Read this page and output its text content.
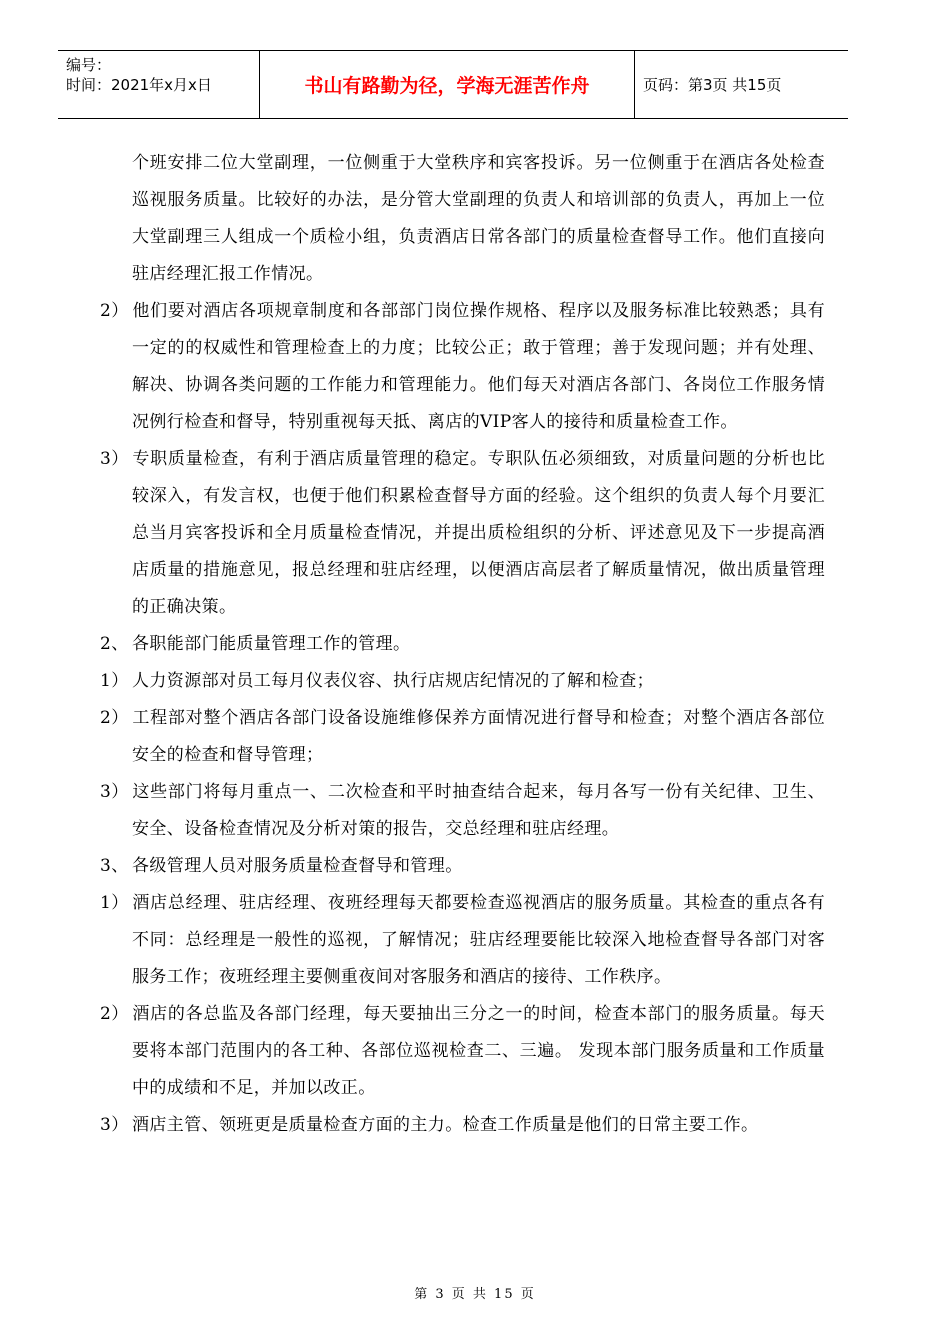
编号：
时间：2021年x月x日	书山有路勤为径，学海无涯苦作舟	页码：第3页 共15页

个班安排二位大堂副理，一位侧重于大堂秩序和宾客投诉。另一位侧重于在酒店各处检查巡视服务质量。比较好的办法，是分管大堂副理的负责人和培训部的负责人，再加上一位大堂副理三人组成一个质检小组，负责酒店日常各部门的质量检查督导工作。他们直接向驻店经理汇报工作情况。

2） 他们要对酒店各项规章制度和各部部门岗位操作规格、程序以及服务标准比较熟悉；具有一定的的权威性和管理检查上的力度；比较公正；敢于管理；善于发现问题；并有处理、解决、协调各类问题的工作能力和管理能力。他们每天对酒店各部门、各岗位工作服务情况例行检查和督导，特别重视每天抵、离店的VIP客人的接待和质量检查工作。

3） 专职质量检查，有利于酒店质量管理的稳定。专职队伍必须细致，对质量问题的分析也比较深入，有发言权，也便于他们积累检查督导方面的经验。这个组织的负责人每个月要汇总当月宾客投诉和全月质量检查情况，并提出质检组织的分析、评述意见及下一步提高酒店质量的措施意见，报总经理和驻店经理，以便酒店高层者了解质量情况，做出质量管理的正确决策。

2、 各职能部门能质量管理工作的管理。

1） 人力资源部对员工每月仪表仪容、执行店规店纪情况的了解和检查；

2） 工程部对整个酒店各部门设备设施维修保养方面情况进行督导和检查；对整个酒店各部位安全的检查和督导管理；

3） 这些部门将每月重点一、二次检查和平时抽查结合起来，每月各写一份有关纪律、卫生、安全、设备检查情况及分析对策的报告，交总经理和驻店经理。

3、 各级管理人员对服务质量检查督导和管理。

1） 酒店总经理、驻店经理、夜班经理每天都要检查巡视酒店的服务质量。其检查的重点各有不同：总经理是一般性的巡视，了解情况；驻店经理要能比较深入地检查督导各部门对客服务工作；夜班经理主要侧重夜间对客服务和酒店的接待、工作秩序。

2） 酒店的各总监及各部门经理，每天要抽出三分之一的时间，检查本部门的服务质量。每天要将本部门范围内的各工种、各部位巡视检查二、三遍。 发现本部门服务质量和工作质量中的成绩和不足，并加以改正。

3） 酒店主管、领班更是质量检查方面的主力。检查工作质量是他们的日常主要工作。

第 3 页 共 15 页
